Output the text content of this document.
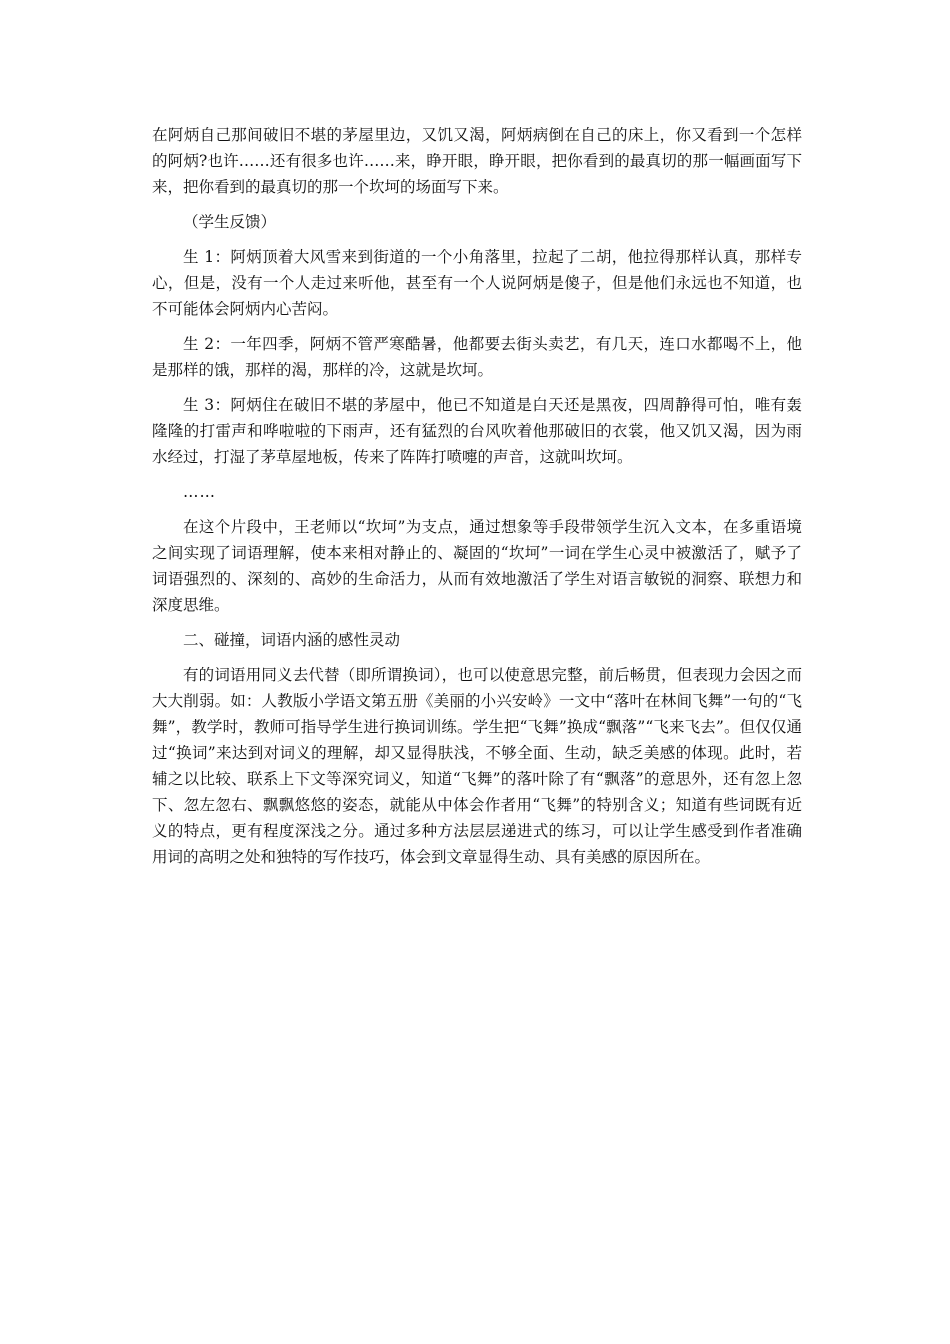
在阿炳自己那间破旧不堪的茅屋里边，又饥又渴，阿炳病倒在自己的床上，你又看到一个怎样的阿炳?也许……还有很多也许……来，睁开眼，睁开眼，把你看到的最真切的那一幅画面写下来，把你看到的最真切的那一个坎坷的场面写下来。

（学生反馈）

生 1：阿炳顶着大风雪来到街道的一个小角落里，拉起了二胡，他拉得那样认真，那样专心，但是，没有一个人走过来听他，甚至有一个人说阿炳是傻子，但是他们永远也不知道，也不可能体会阿炳内心苦闷。

生 2：一年四季，阿炳不管严寒酷暑，他都要去街头卖艺，有几天，连口水都喝不上，他是那样的饿，那样的渴，那样的冷，这就是坎坷。

生 3：阿炳住在破旧不堪的茅屋中，他已不知道是白天还是黑夜，四周静得可怕，唯有轰隆隆的打雷声和哗啦啦的下雨声，还有猛烈的台风吹着他那破旧的衣裳，他又饥又渴，因为雨水经过，打湿了茅草屋地板，传来了阵阵打喷嚏的声音，这就叫坎坷。

……

在这个片段中，王老师以“坎坷”为支点，通过想象等手段带领学生沉入文本，在多重语境之间实现了词语理解，使本来相对静止的、凝固的“坎坷”一词在学生心灵中被激活了，赋予了词语强烈的、深刻的、高妙的生命活力，从而有效地激活了学生对语言敏锐的洞察、联想力和深度思维。

二、碰撞，词语内涵的感性灵动

有的词语用同义去代替（即所谓换词），也可以使意思完整，前后畅贯，但表现力会因之而大大削弱。如：人教版小学语文第五册《美丽的小兴安岭》一文中“落叶在林间飞舞”一句的“飞舞”，教学时，教师可指导学生进行换词训练。学生把“飞舞”换成“飘落”“飞来飞去”。但仅仅通过“换词”来达到对词义的理解，却又显得肤浅，不够全面、生动，缺乏美感的体现。此时，若辅之以比较、联系上下文等深究词义，知道“飞舞”的落叶除了有“飘落”的意思外，还有忽上忽下、忽左忽右、飘飘悠悠的姿态，就能从中体会作者用“飞舞”的特别含义；知道有些词既有近义的特点，更有程度深浅之分。通过多种方法层层递进式的练习，可以让学生感受到作者准确用词的高明之处和独特的写作技巧，体会到文章显得生动、具有美感的原因所在。
